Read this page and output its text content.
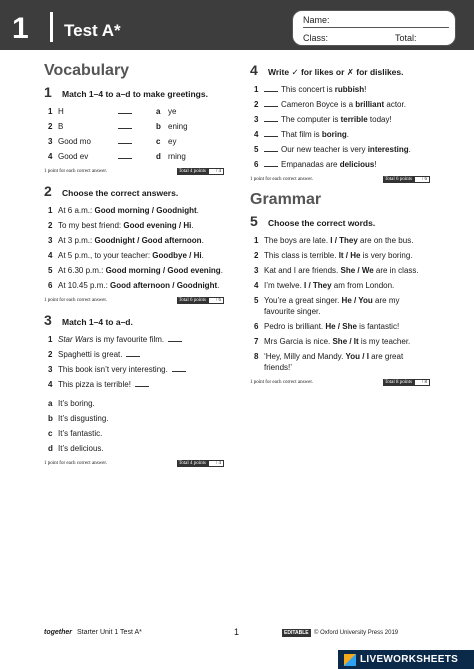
1 Test A*
Name:
Class:	Total:
Vocabulary
1	Match 1–4 to a–d to make greetings.
1 H	a ye
2 B	b ening
3 Good mo	c ey
4 Good ev	d rning
1 point for each correct answer.	Total 4 points	/ 4
2	Choose the correct answers.
1 At 6 a.m.: Good morning / Goodnight.
2 To my best friend: Good evening / Hi.
3 At 3 p.m.: Goodnight / Good afternoon.
4 At 5 p.m., to your teacher: Goodbye / Hi.
5 At 6.30 p.m.: Good morning / Good evening.
6 At 10.45 p.m.: Good afternoon / Goodnight.
1 point for each correct answer.	Total 6 points	/ 6
3	Match 1–4 to a–d.
1 Star Wars is my favourite film.
2 Spaghetti is great.
3 This book isn’t very interesting.
4 This pizza is terrible!
a It’s boring.
b It’s disgusting.
c It’s fantastic.
d It’s delicious.
1 point for each correct answer.	Total 4 points	/ 4
4	Write ✓ for likes or ✗ for dislikes.
1	This concert is rubbish!
2	Cameron Boyce is a brilliant actor.
3	The computer is terrible today!
4	That film is boring.
5	Our new teacher is very interesting.
6	Empanadas are delicious!
1 point for each correct answer.	Total 6 points	/ 6
Grammar
5	Choose the correct words.
1 The boys are late. I / They are on the bus.
2 This class is terrible. It / He is very boring.
3 Kat and I are friends. She / We are in class.
4 I’m twelve. I / They am from London.
5 You’re a great singer. He / You are my favourite singer.
6 Pedro is brilliant. He / She is fantastic!
7 Mrs Garcia is nice. She / It is my teacher.
8 ‘Hey, Milly and Mandy. You / I are great friends!’
1 point for each correct answer.	Total 8 points	/ 8
together Starter Unit 1 Test A*	1	EDITABLE © Oxford University Press 2019
LIVEWORKSHEETS
